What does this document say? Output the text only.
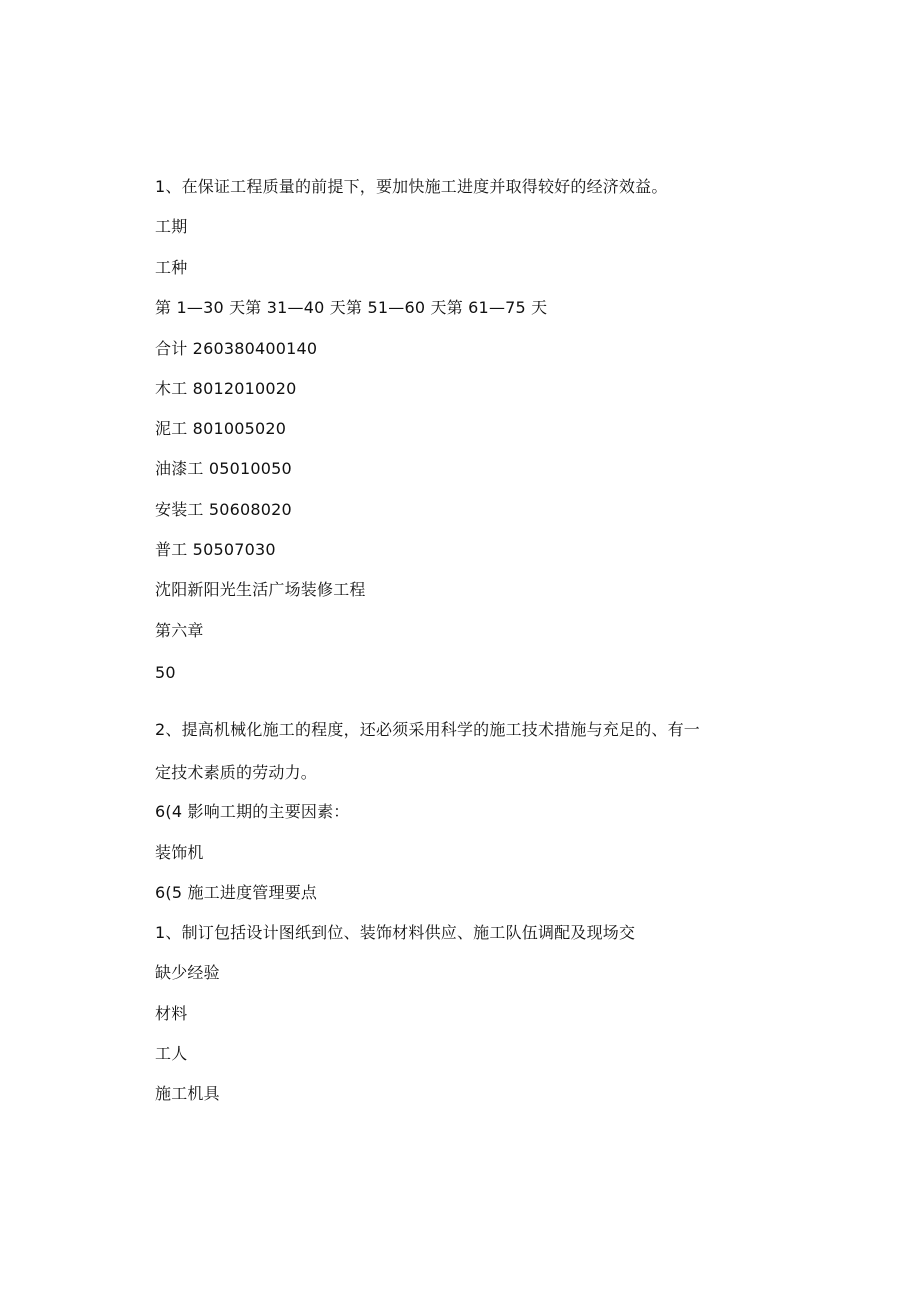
1、在保证工程质量的前提下，要加快施工进度并取得较好的经济效益。
工期
工种
第 1—30 天第 31—40 天第 51—60 天第 61—75 天
合计 260380400140
木工 8012010020
泥工 801005020
油漆工 05010050
安装工 50608020
普工 50507030
沈阳新阳光生活广场装修工程
第六章
50
2、提高机械化施工的程度，还必须采用科学的施工技术措施与充足的、有一
定技术素质的劳动力。
6(4 影响工期的主要因素：
装饰机
6(5 施工进度管理要点
1、制订包括设计图纸到位、装饰材料供应、施工队伍调配及现场交
缺少经验
材料
工人
施工机具
